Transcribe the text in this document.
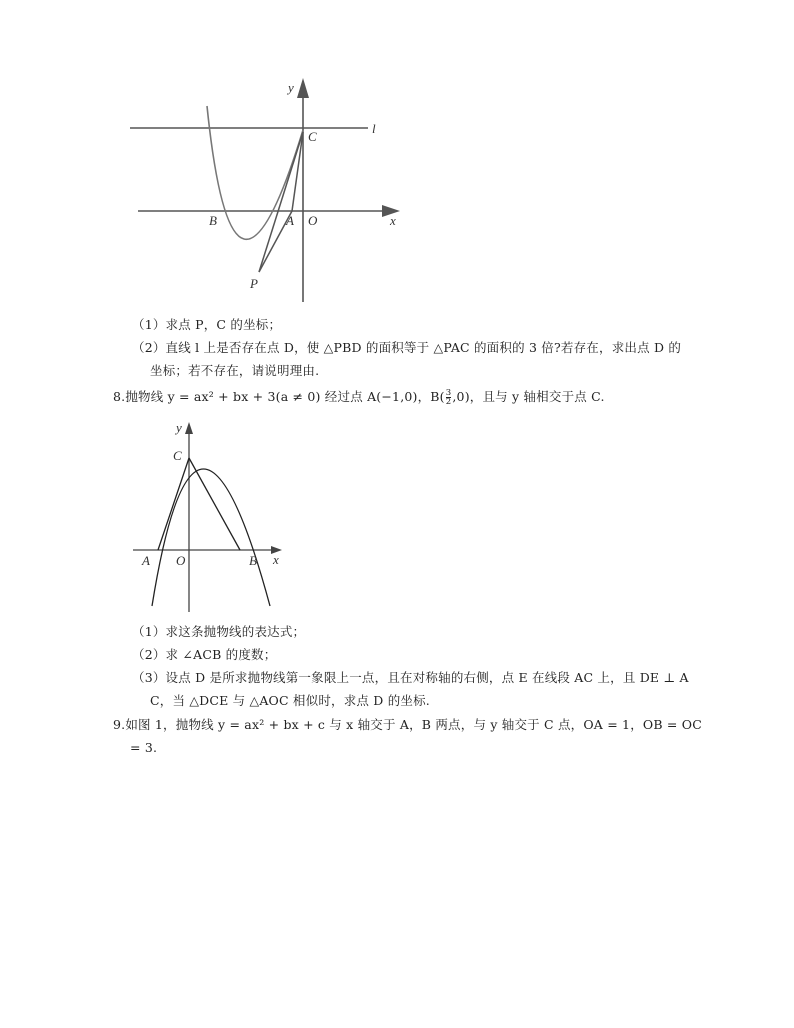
y
l
C
B	A O	x
P
（1）求点 P，C 的坐标；
（2）直线 l 上是否存在点 D，使 △PBD 的面积等于 △PAC 的面积的 3 倍?若存在，求出点 D 的
坐标；若不存在，请说明理由.
8.抛物线 y = ax² + bx + 3(a ≠ 0) 经过点 A(−1,0)，$B( \frac{3}{2} ,0)$，且与 y 轴相交于点 C.
y
C
A O	B x
（1）求这条抛物线的表达式；
（2）求 ∠ACB 的度数；
（3）设点 D 是所求抛物线第一象限上一点，且在对称轴的右侧，点 E 在线段 AC 上，且 DE ⊥ A
C，当 △DCE 与 △AOC 相似时，求点 D 的坐标.
9.如图 1，抛物线 y = ax² + bx + c 与 x 轴交于 A，B 两点，与 y 轴交于 C 点，OA = 1，OB = OC
= 3.
